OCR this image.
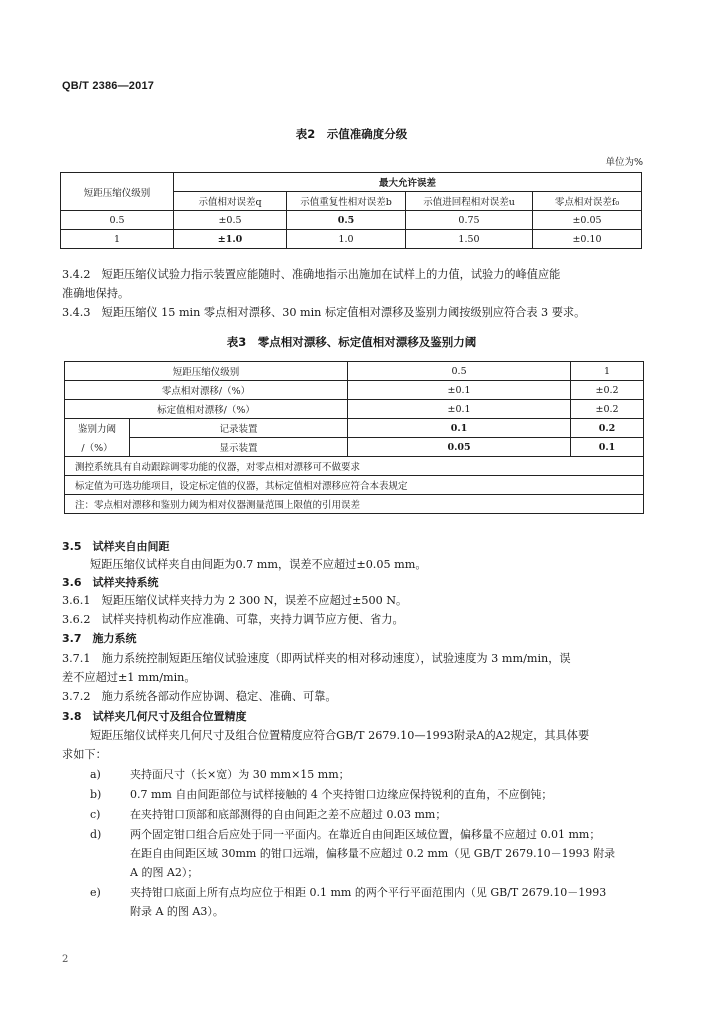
QB/T 2386—2017
表2　示值准确度分级
单位为%
短距压缩仪级别	最大允许误差			
	示值相对误差q	示值重复性相对误差b	示值进回程相对误差u	零点相对误差f₀
0.5	±0.5	0.5	0.75	±0.05
1	±1.0	1.0	1.50	±0.10
3.4.2　短距压缩仪试验力指示装置应能随时、准确地指示出施加在试样上的力值，试验力的峰值应能
准确地保持。
3.4.3　短距压缩仪 15 min 零点相对漂移、30 min 标定值相对漂移及鉴别力阈按级别应符合表 3 要求。
表3　零点相对漂移、标定值相对漂移及鉴别力阈
短距压缩仪级别		0.5	1
零点相对漂移/（%）		±0.1	±0.2
标定值相对漂移/（%）		±0.1	±0.2
鉴别力阈	记录装置	0.1	0.2
/（%）	显示装置	0.05	0.1
测控系统具有自动跟踪调零功能的仪器，对零点相对漂移可不做要求			
标定值为可选功能项目，设定标定值的仪器，其标定值相对漂移应符合本表规定			
注：零点相对漂移和鉴别力阈为相对仪器测量范围上限值的引用误差			
3.5　试样夹自由间距
短距压缩仪试样夹自由间距为0.7 mm，误差不应超过±0.05 mm。
3.6　试样夹持系统
3.6.1　短距压缩仪试样夹持力为 2 300 N，误差不应超过±500 N。
3.6.2　试样夹持机构动作应准确、可靠，夹持力调节应方便、省力。
3.7　施力系统
3.7.1　施力系统控制短距压缩仪试验速度（即两试样夹的相对移动速度），试验速度为 3 mm/min，误
差不应超过±1 mm/min。
3.7.2　施力系统各部动作应协调、稳定、准确、可靠。
3.8　试样夹几何尺寸及组合位置精度
短距压缩仪试样夹几何尺寸及组合位置精度应符合GB/T 2679.10—1993附录A的A2规定，其具体要
求如下：
a)	夹持面尺寸（长×宽）为 30 mm×15 mm；
b)	0.7 mm 自由间距部位与试样接触的 4 个夹持钳口边缘应保持锐利的直角，不应倒钝；
c)	在夹持钳口顶部和底部测得的自由间距之差不应超过 0.03 mm；
d)	两个固定钳口组合后应处于同一平面内。在靠近自由间距区域位置，偏移量不应超过 0.01 mm；
在距自由间距区域 30mm 的钳口远端，偏移量不应超过 0.2 mm（见 GB/T 2679.10－1993 附录
A 的图 A2）；
e)	夹持钳口底面上所有点均应位于相距 0.1 mm 的两个平行平面范围内（见 GB/T 2679.10－1993
附录 A 的图 A3）。
2
